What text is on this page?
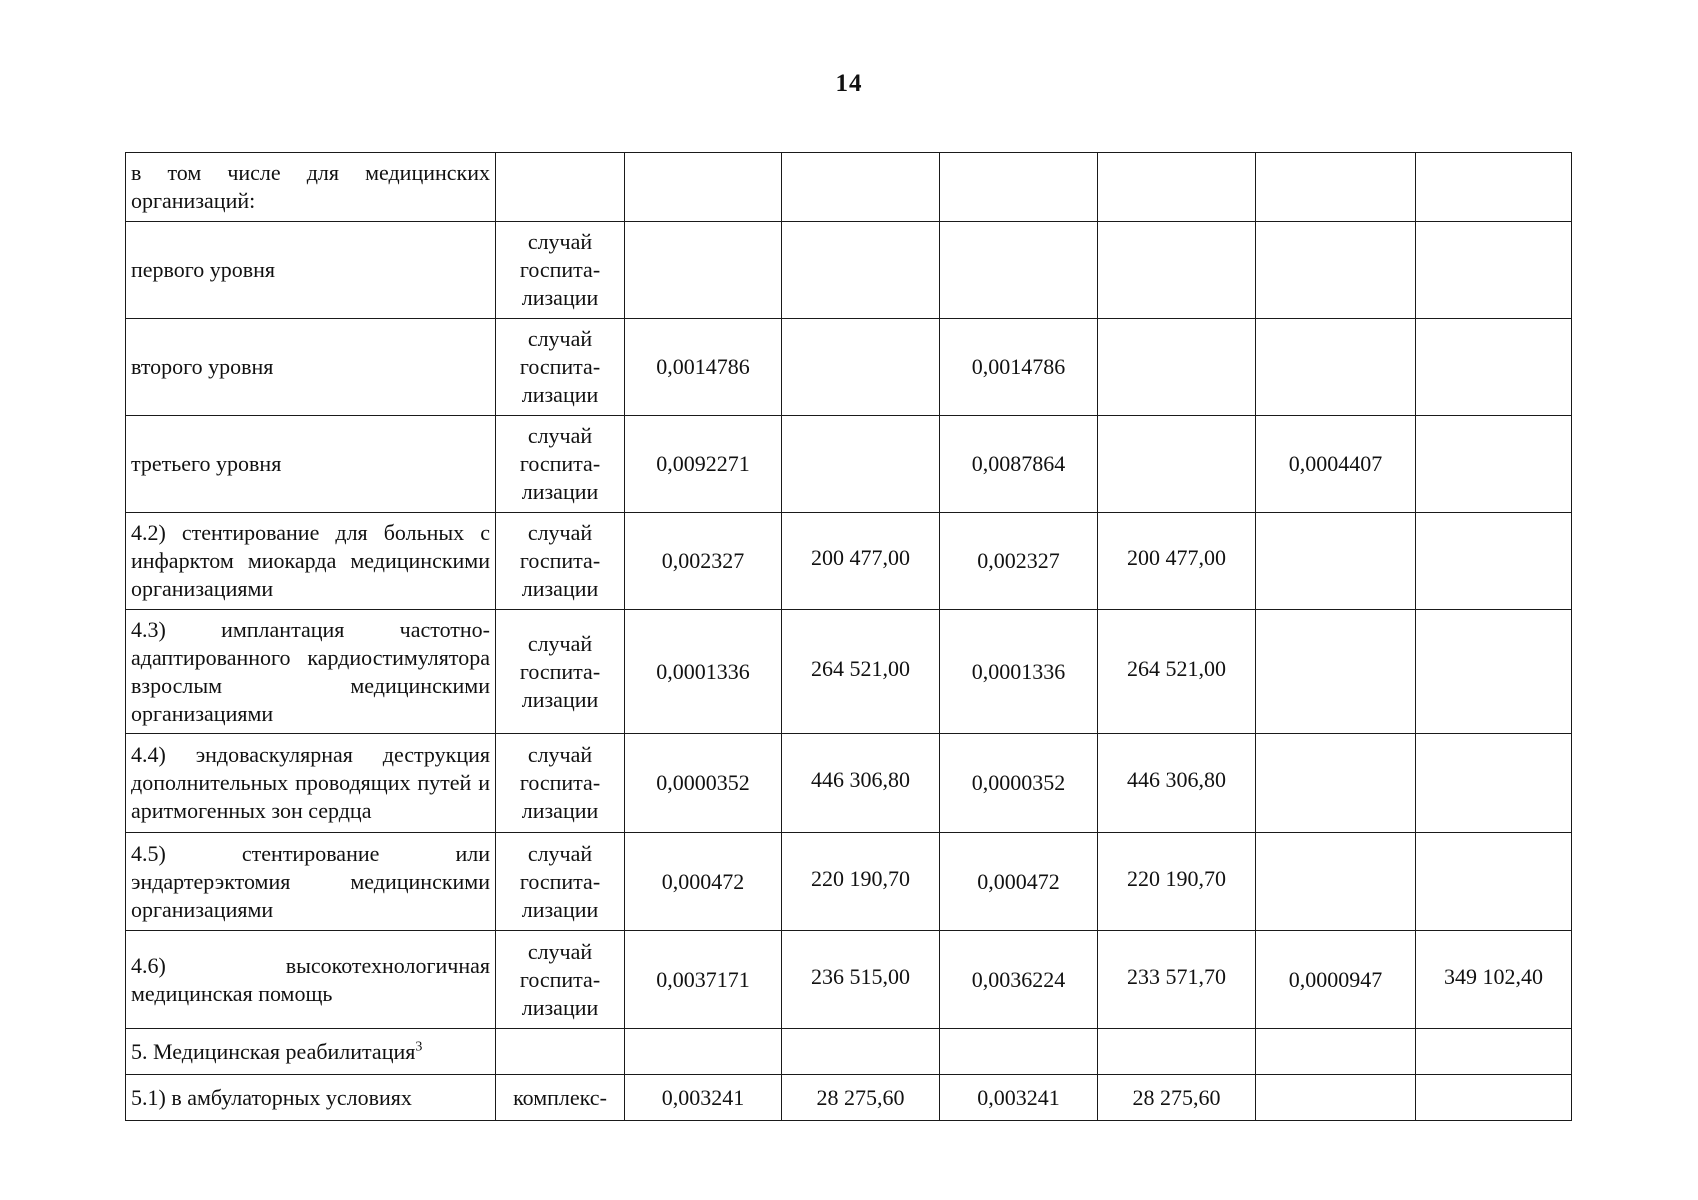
14
в том числе для медицинских организаций:							
первого уровня	случай госпита-лизации						
второго уровня	случай госпита-лизации	0,0014786		0,0014786			
третьего уровня	случай госпита-лизации	0,0092271		0,0087864		0,0004407	
4.2) стентирование для больных с инфарктом миокарда медицинскими организациями	случай госпита-лизации	0,002327	200 477,00	0,002327	200 477,00		
4.3) имплантация частотно-адаптированного кардиостимулятора взрослым медицинскими организациями	случай госпита-лизации	0,0001336	264 521,00	0,0001336	264 521,00		
4.4) эндоваскулярная деструкция дополнительных проводящих путей и аритмогенных зон сердца	случай госпита-лизации	0,0000352	446 306,80	0,0000352	446 306,80		
4.5) стентирование или эндартерэктомия медицинскими организациями	случай госпита-лизации	0,000472	220 190,70	0,000472	220 190,70		
4.6) высокотехнологичная медицинская помощь	случай госпита-лизации	0,0037171	236 515,00	0,0036224	233 571,70	0,0000947	349 102,40
5. Медицинская реабилитация$^3$							
5.1) в амбулаторных условиях	комплекс-	0,003241	28 275,60	0,003241	28 275,60		
